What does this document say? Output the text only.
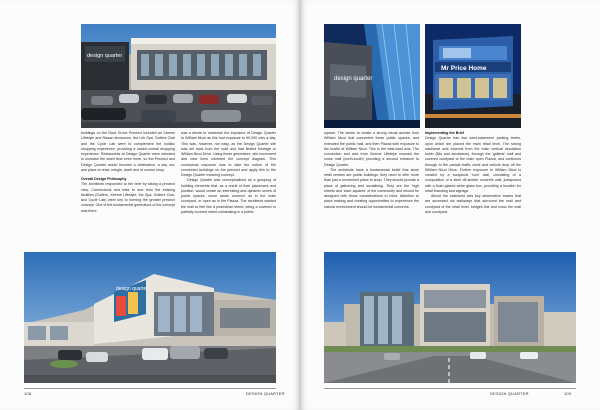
design quarter

buildings on the Nicol Grove Precinct included an Xtreme Lifestyle and Nissan showroom, the Life Spa, Golfers Club and the Cycle Lab were to complement the holistic shopping experience, providing a varied overall shopping experience. Restaurants at Design Quarter were intended to increase the dwell time even more, so the Precinct and Design Quarter would become a destination, a day out, and place to relax, mingle, dwell and of course shop.

Overall Design Philosophy

The architects responded to the brief by taking a precinct view. Connections and links to and from the existing facilities (Golfers, Xtreme Lifestyle, the Spa, Golfers Club, and Cycle Lab) were key to forming the greater precinct concept. One of the fundamental generators of the concept was there

was a desire to maximise the exposure of Design Quarter to William Nicol as this had exposure to 60,000 cars a day. This was, however, not easy, as the Design Quarter site was set back from the road and had limited frontage to William Nicol Drive. Using these generators, site movement and view lines informed the concept diagram. This conceptual response was to take the notion of the connected buildings on the precinct and apply this to the Design Quarter meaning concept.

Design Quarter was conceptualised as a grouping of building elements that, as a result of their placement and position, would create an interesting and dynamic series of public spaces, some areas covered, as in the main courtyard, or open as in the Piazza. The architects wanted the mall to feel like a pedestrian street, being a covered or partially covered street culminating in a public

design quarter
108	DESIGN QUARTER
design quarter
Mr Price Home

square. The desire to create a strong visual access from William Nicol that connected these public spaces, and extended the public mall, and then Piazza with exposure to the bustle of William Nicol. This is the east-west axis. The connection and axis from Xtreme Lifestyle crossed the cross mall (north-south) providing a second entrance to Design Quarter.

The architects have a fundamental belief that since retail centres are public buildings, they need to offer more than just a convenient place to shop. They should provide a place of gathering and socialising. They are the 'high streets and 'town squares' of the community and should be designed with those considerations in mind. Attention to place making and creating opportunities to experience the natural environment should be fundamental concerns.

Implementing the Brief

Design Quarter has two semi-basement parking levels, upon which are placed the main retail level. The strong east/west axis extends from the main vertical circulation tower (lifts and escalators), through the 'galleria' mall and covered courtyard to the main open Piazza, and continues through to the parade traffic circle and vehicle drop off the William Nicol Drive. Further exposure to William Nicol is created by a sculptural 'icon' wall, consisting of a composition of a steel off-shutter concrete wall, juxtaposed with a flush-glazed white glass box, providing a location for retail branding and signage.

Above the east/west axis key observation towers that are accessed via walkways that surround the mall and courtyard of the retail level, bridges link and cross the mall and courtyard.

DESIGN QUARTER	109
